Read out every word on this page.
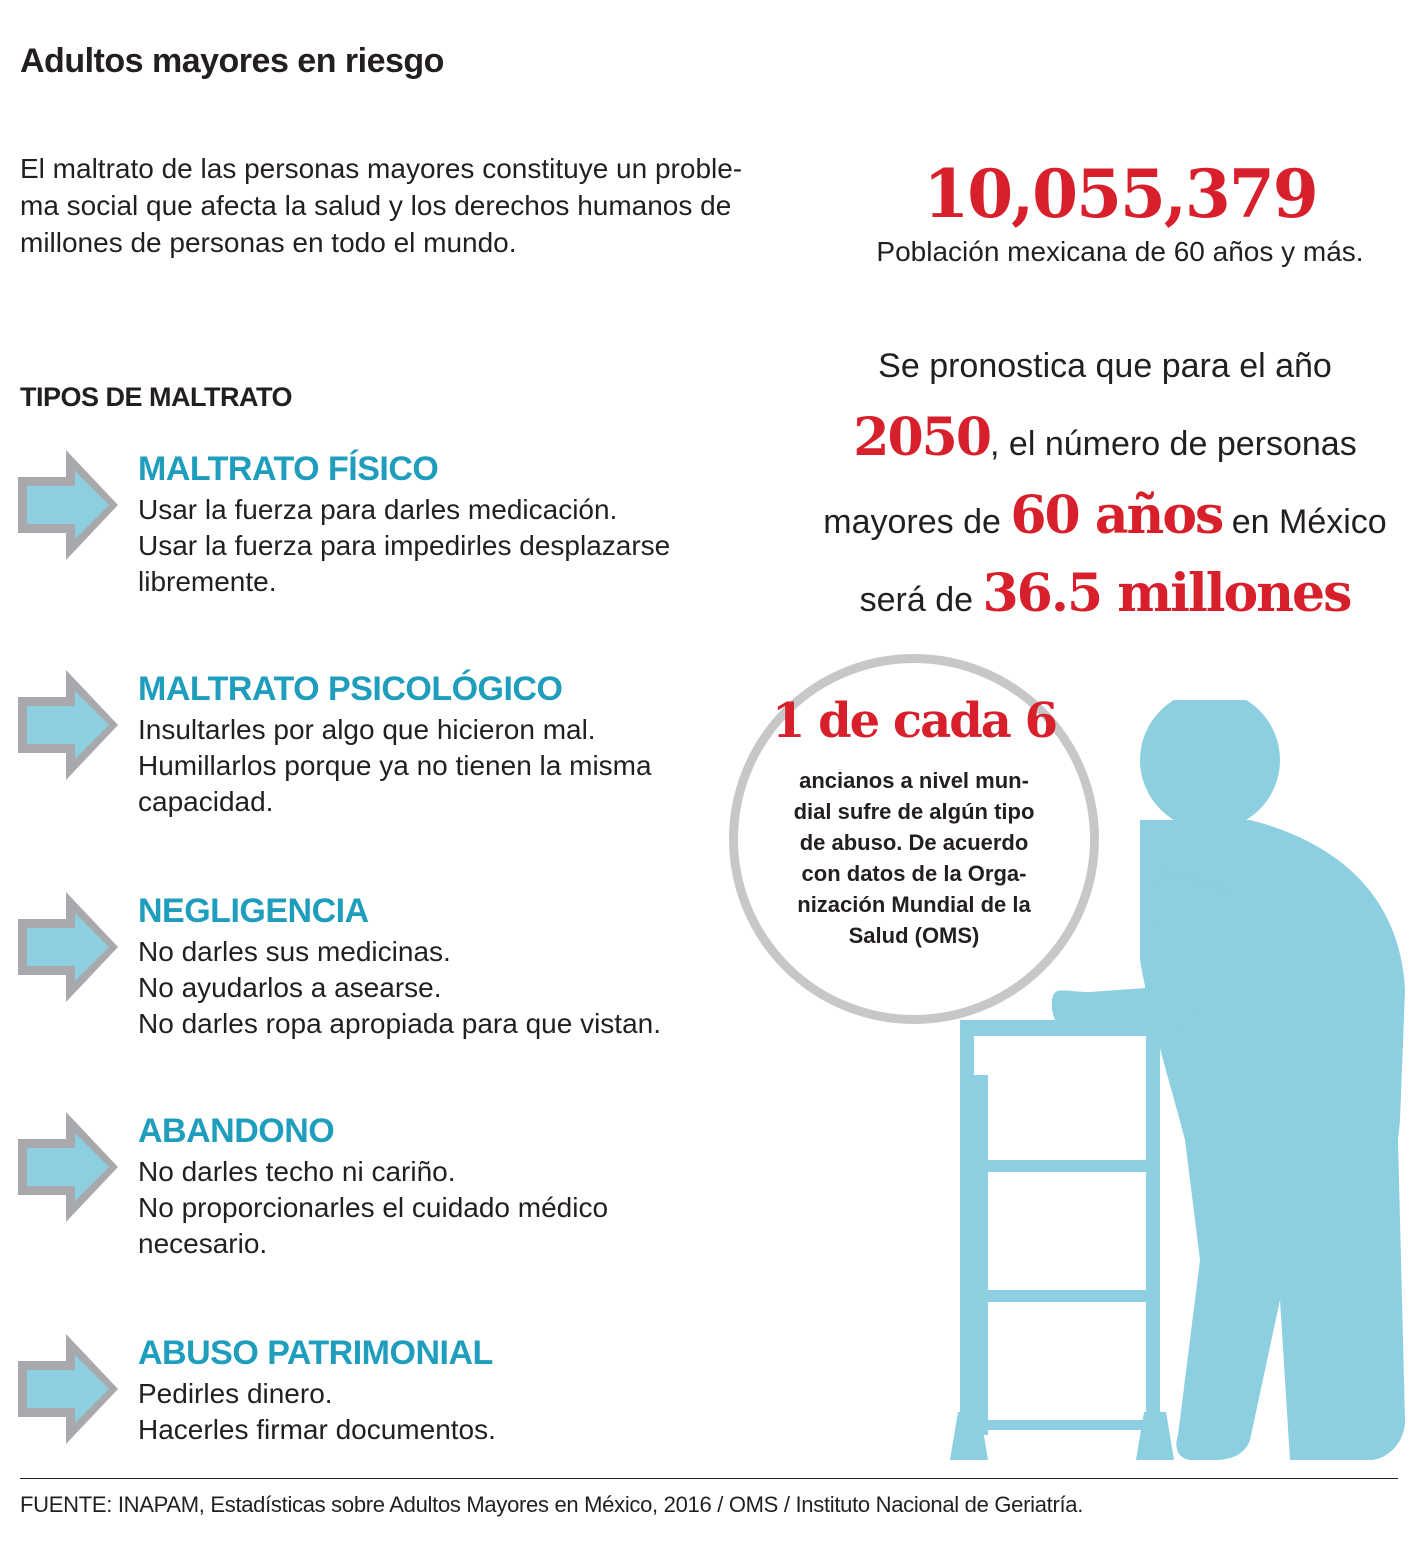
Adultos mayores en riesgo
El maltrato de las personas mayores constituye un proble-
ma social que afecta la salud y los derechos humanos de
millones de personas en todo el mundo.
10,055,379
Población mexicana de 60 años y más.
Se pronostica que para el año
2050, el número de personas
mayores de 60 años en México
será de 36.5 millones
TIPOS DE MALTRATO
MALTRATO FÍSICO
Usar la fuerza para darles medicación.
Usar la fuerza para impedirles desplazarse
libremente.
MALTRATO PSICOLÓGICO
Insultarles por algo que hicieron mal.
Humillarlos porque ya no tienen la misma
capacidad.
NEGLIGENCIA
No darles sus medicinas.
No ayudarlos a asearse.
No darles ropa apropiada para que vistan.
ABANDONO
No darles techo ni cariño.
No proporcionarles el cuidado médico
necesario.
ABUSO PATRIMONIAL
Pedirles dinero.
Hacerles firmar documentos.
1 de cada 6
ancianos a nivel mun-
dial sufre de algún tipo
de abuso. De acuerdo
con datos de la Orga-
nización Mundial de la
Salud (OMS)
FUENTE: INAPAM, Estadísticas sobre Adultos Mayores en México, 2016 / OMS / Instituto Nacional de Geriatría.
